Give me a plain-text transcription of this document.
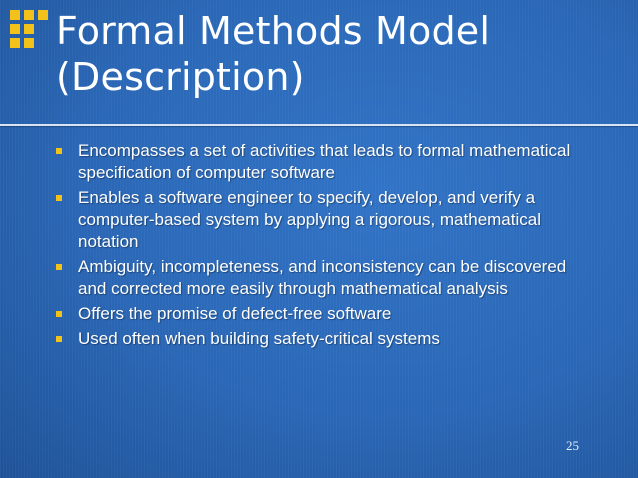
Formal Methods Model
(Description)
Encompasses a set of activities that leads to formal mathematical specification of computer software
Enables a software engineer to specify, develop, and verify a computer-based system by applying a rigorous, mathematical notation
Ambiguity, incompleteness, and inconsistency can be discovered and corrected more easily through mathematical analysis
Offers the promise of defect-free software
Used often when building safety-critical systems
25
